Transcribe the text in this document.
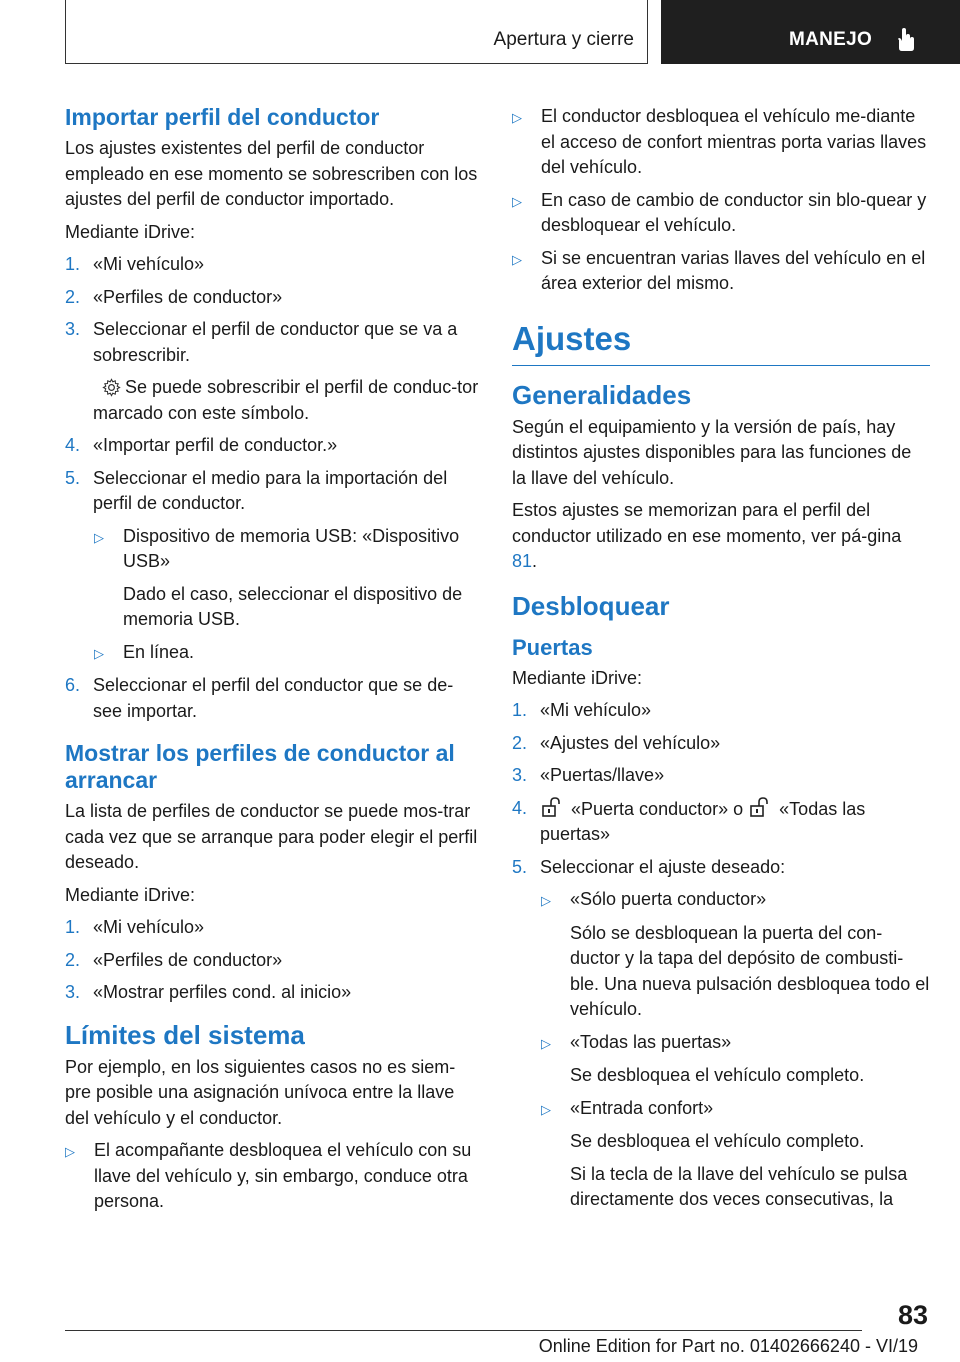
Apertura y cierre	MANEJO
Importar perfil del conductor

Los ajustes existentes del perfil de conductor empleado en ese momento se sobrescriben con los ajustes del perfil de conductor importado.

Mediante iDrive:

1. «Mi vehículo»
2. «Perfiles de conductor»
3. Seleccionar el perfil de conductor que se va a sobrescribir.

Se puede sobrescribir el perfil de conduc-tor marcado con este símbolo.

4. «Importar perfil de conductor.»
5. Seleccionar el medio para la importación del perfil de conductor.
▷	Dispositivo de memoria USB: «Dispositivo USB»

Dado el caso, seleccionar el dispositivo de memoria USB.

▷	En línea.
6. Seleccionar el perfil del conductor que se de-see importar.
Mostrar los perfiles de conductor al arrancar

La lista de perfiles de conductor se puede mos-trar cada vez que se arranque para poder elegir el perfil deseado.

Mediante iDrive:

1. «Mi vehículo»
2. «Perfiles de conductor»
3. «Mostrar perfiles cond. al inicio»
Límites del sistema

Por ejemplo, en los siguientes casos no es siem-pre posible una asignación unívoca entre la llave del vehículo y el conductor.

▷	El acompañante desbloquea el vehículo con su llave del vehículo y, sin embargo, conduce otra persona.
▷	El conductor desbloquea el vehículo me-diante el acceso de confort mientras porta varias llaves del vehículo.
▷	En caso de cambio de conductor sin blo-quear y desbloquear el vehículo.
▷	Si se encuentran varias llaves del vehículo en el área exterior del mismo.
Ajustes
Generalidades

Según el equipamiento y la versión de país, hay distintos ajustes disponibles para las funciones de la llave del vehículo.

Estos ajustes se memorizan para el perfil del conductor utilizado en ese momento, ver pá-gina 81.

Desbloquear
Puertas

Mediante iDrive:

1. «Mi vehículo»
2. «Ajustes del vehículo»
3. «Puertas/llave»
4.	«Puerta conductor» o «Todas las puertas»
5. Seleccionar el ajuste deseado:
▷	«Sólo puerta conductor»

Sólo se desbloquean la puerta del con-ductor y la tapa del depósito de combusti-ble. Una nueva pulsación desbloquea todo el vehículo.

▷	«Todas las puertas»

Se desbloquea el vehículo completo.

▷	«Entrada confort»

Se desbloquea el vehículo completo.

Si la tecla de la llave del vehículo se pulsa directamente dos veces consecutivas, la

83
Online Edition for Part no. 01402666240 - VI/19
